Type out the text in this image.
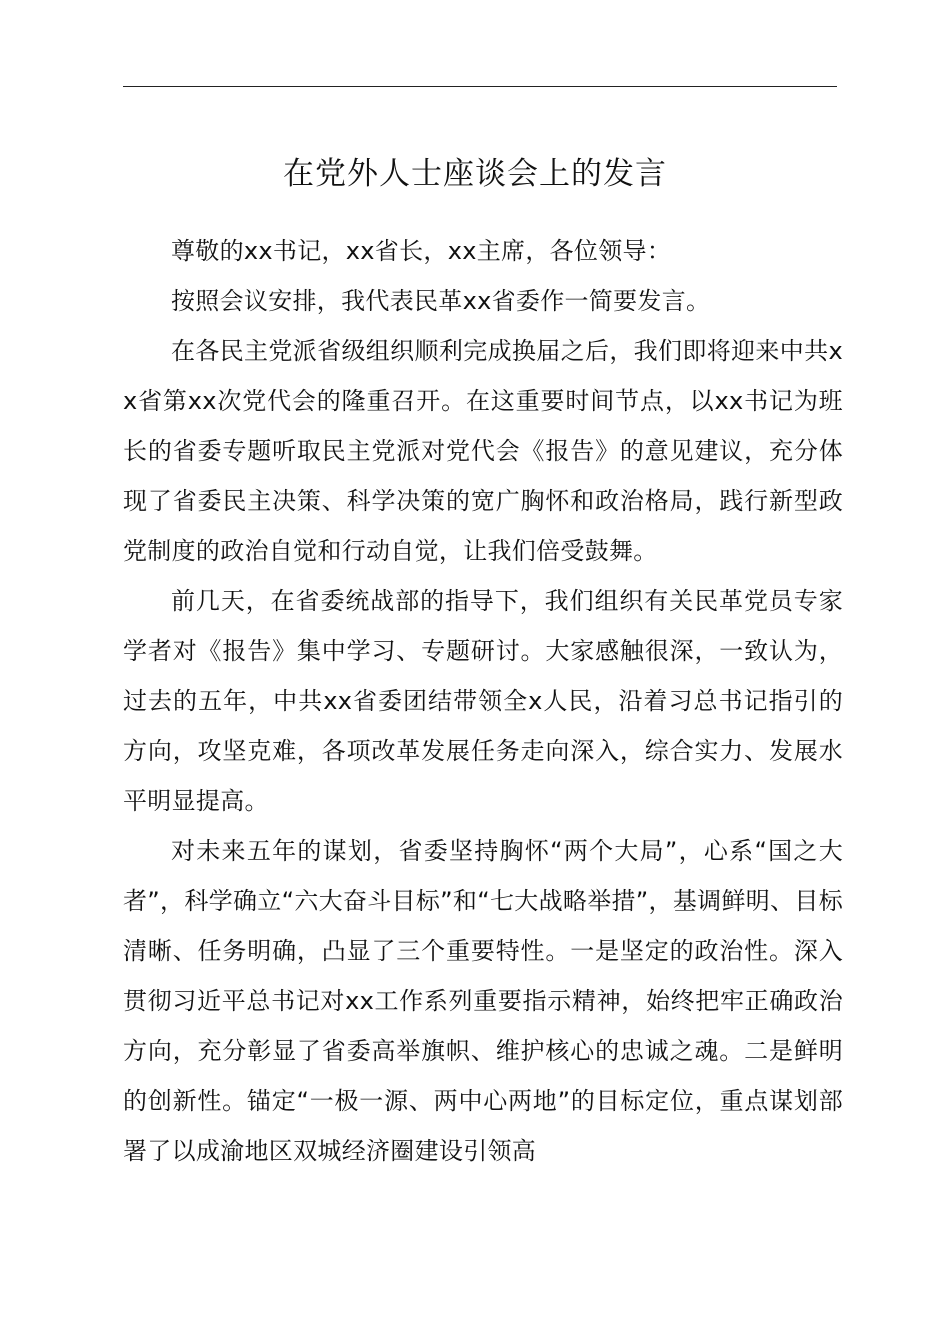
在党外人士座谈会上的发言

尊敬的xx书记，xx省长，xx主席，各位领导：

按照会议安排，我代表民革xx省委作一简要发言。

在各民主党派省级组织顺利完成换届之后，我们即将迎来中共xx省第xx次党代会的隆重召开。在这重要时间节点，以xx书记为班长的省委专题听取民主党派对党代会《报告》的意见建议，充分体现了省委民主决策、科学决策的宽广胸怀和政治格局，践行新型政党制度的政治自觉和行动自觉，让我们倍受鼓舞。

前几天，在省委统战部的指导下，我们组织有关民革党员专家学者对《报告》集中学习、专题研讨。大家感触很深，一致认为，过去的五年，中共xx省委团结带领全x人民，沿着习总书记指引的方向，攻坚克难，各项改革发展任务走向深入，综合实力、发展水平明显提高。

对未来五年的谋划，省委坚持胸怀“两个大局”，心系“国之大者”，科学确立“六大奋斗目标”和“七大战略举措”，基调鲜明、目标清晰、任务明确，凸显了三个重要特性。一是坚定的政治性。深入贯彻习近平总书记对xx工作系列重要指示精神，始终把牢正确政治方向，充分彰显了省委高举旗帜、维护核心的忠诚之魂。二是鲜明的创新性。锚定“一极一源、两中心两地”的目标定位，重点谋划部署了以成渝地区双城经济圈建设引领高
